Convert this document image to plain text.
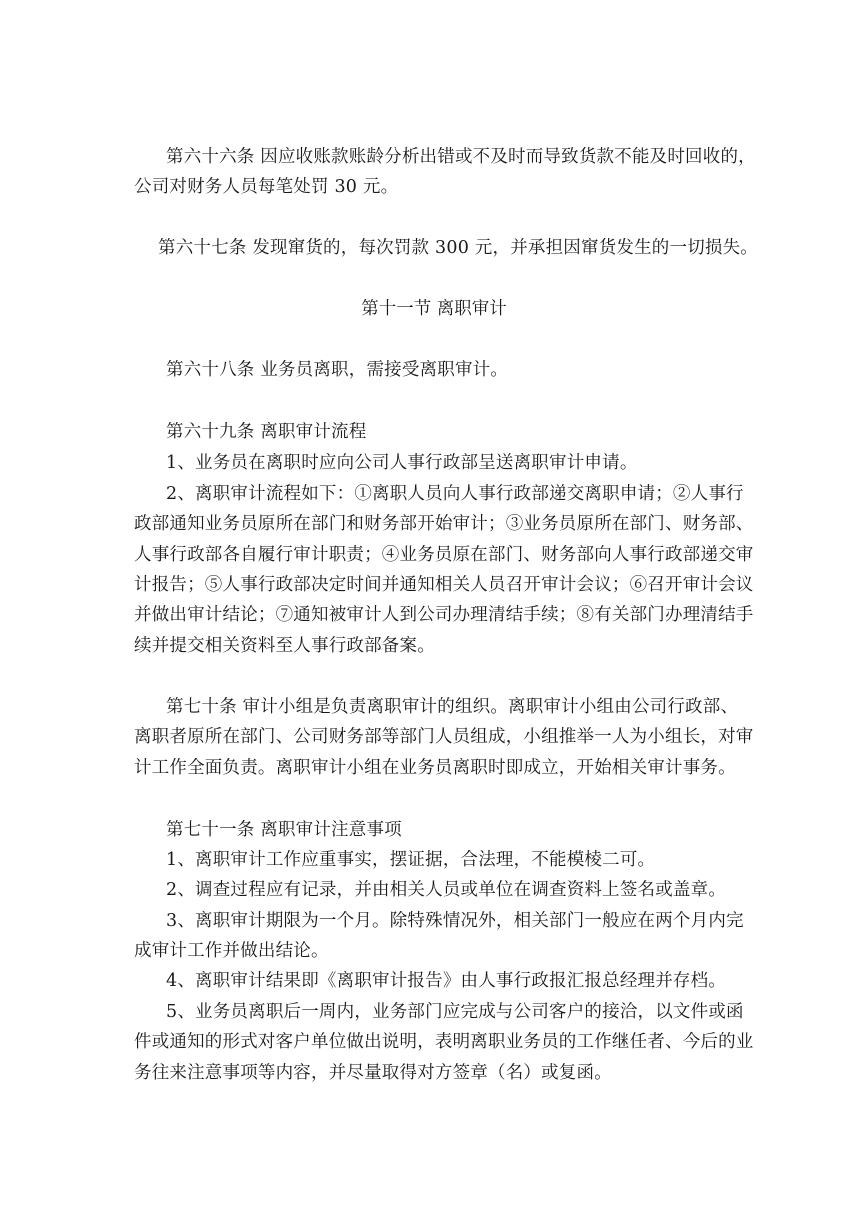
第六十六条 因应收账款账龄分析出错或不及时而导致货款不能及时回收的，
公司对财务人员每笔处罚 30 元。
第六十七条 发现窜货的，每次罚款 300 元，并承担因窜货发生的一切损失。
第十一节 离职审计
第六十八条 业务员离职，需接受离职审计。
第六十九条 离职审计流程
1、业务员在离职时应向公司人事行政部呈送离职审计申请。
2、离职审计流程如下：①离职人员向人事行政部递交离职申请；②人事行
政部通知业务员原所在部门和财务部开始审计；③业务员原所在部门、财务部、
人事行政部各自履行审计职责；④业务员原在部门、财务部向人事行政部递交审
计报告；⑤人事行政部决定时间并通知相关人员召开审计会议；⑥召开审计会议
并做出审计结论；⑦通知被审计人到公司办理清结手续；⑧有关部门办理清结手
续并提交相关资料至人事行政部备案。
第七十条 审计小组是负责离职审计的组织。离职审计小组由公司行政部、
离职者原所在部门、公司财务部等部门人员组成，小组推举一人为小组长，对审
计工作全面负责。离职审计小组在业务员离职时即成立，开始相关审计事务。
第七十一条 离职审计注意事项
1、离职审计工作应重事实，摆证据，合法理，不能模棱二可。
2、调查过程应有记录，并由相关人员或单位在调查资料上签名或盖章。
3、离职审计期限为一个月。除特殊情况外，相关部门一般应在两个月内完
成审计工作并做出结论。
4、离职审计结果即《离职审计报告》由人事行政报汇报总经理并存档。
5、业务员离职后一周内，业务部门应完成与公司客户的接洽，以文件或函
件或通知的形式对客户单位做出说明，表明离职业务员的工作继任者、今后的业
务往来注意事项等内容，并尽量取得对方签章（名）或复函。
